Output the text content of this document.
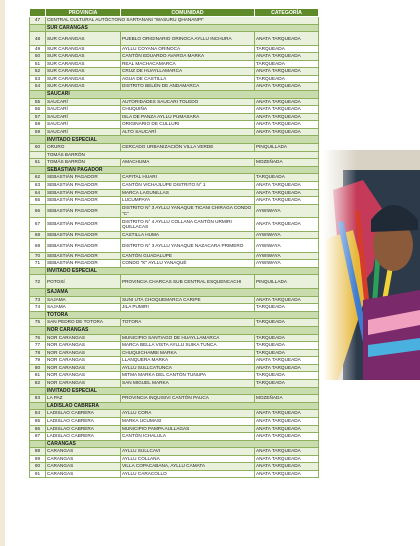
	PROVINCIA	COMUNIDAD	CATEGORÍA
47	CENTRAL CULTURAL AUTÓCTONO SARTANANI "WASURU QHANANPI"		
	SUR CARANGAS		
48	SUR CARANGAS	PUEBLO ORIGINARIO ORINOCA AYLLU INCHURA	ANATA TARQUEADA
49	SUR CARANGAS	AYLLU COYANA ORINOCA	TARQUEADA
50	SUR CARANGAS	CANTÓN EDUARDO AVAROA MARKA	ANATA TARQUEADA
51	SUR CARANGAS	REAL MACHACAMARCA	TARQUEADA
52	SUR CARANGAS	CRUZ DE HUAYLLAMARCA	ANATA TARQUEADA
53	SUR CARANGAS	AGUA DE CASTILLA	TARQUEADA
54	SUR CARANGAS	DISTRITO BELÉN DE ANDAMARCA	ANATA TARQUEADA
	SAUCARÍ		
55	SAUCARÍ	AUTORIDADES SAUCARI TOLEDO	ANATA TARQUEADA
56	SAUCARÍ	CHUQUIÑA	ANATA TARQUEADA
57	SAUCARÍ	ISLA DE PANZA AYLLU PUMASARA	ANATA TARQUEADA
58	SAUCARÍ	ORIGINARIO DE CULLURI	ANATA TARQUEADA
59	SAUCARÍ	ALTO SAUCARÍ	ANATA TARQUEADA
	INVITADO ESPECIAL		
60	ORURO	CERCADO URBANIZACIÓN VILLA VERDE	PINQUILLADA
	TOMÁS BARRÓN		
61	TOMÁS BARRÓN	AMACHUMA	MOZEÑADA
	SEBASTIÁN PAGADOR		
62	SEBASTIÁN PAGADOR	CAPITAL HUARI	TARQUEADA
63	SEBASTIÁN PAGADOR	CANTÓN VICHAJLUPE DISTRITO N° 1	ANATA TARQUEADA
64	SEBASTIÁN PAGADOR	MARCA LAGUNILLAS	ANATA TARQUEADA
65	SEBASTIÁN PAGADOR	LUCUMPAYA	ANATA TARQUEADA
66	SEBASTIÁN PAGADOR	DISTRITO N° 3 AYLLU YANAQUE TICANI CHIRAGA CONDO "C"	AYWIWAYA
67	SEBASTIÁN PAGADOR	DISTRITO N° 4 AYLLU COLLANA CANTÓN URMIRI QUILLACAS	ANATA TARQUEADA
68	SEBASTIÁN PAGADOR	CASTILLA HUMA	AYWIWAYA
69	SEBASTIÁN PAGADOR	DISTRITO N° 3 AYLLU YANAQUE NAZACARA PRIMERO	AYWIWAYA
70	SEBASTIÁN PAGADOR	CANTÓN GUADALUPE	AYWIWAYA
71	SEBASTIÁN PAGADOR	CONDO "K" AYLLU YANAQUÉ	AYWIWAYA
	INVITADO ESPECIAL		
72	POTOSÍ	PROVINCIA CHARCAS SUB CENTRAL ESQUENCACHI	PINQUILLADA
	SAJAMA		
73	SAJAMA	SUNI UTA CHOQUEMARCA CARIPE	ANATA TARQUEADA
74	SAJAMA	JILA PUMIRI	TARQUEADA
	TOTORA		
75	SAN PEDRO DE TOTORA	TOTORA	TARQUEADA
	NOR CARANGAS		
76	NOR CARANGAS	MUNICIPIO SANTIAGO DE HUAYLLAMARCA	TARQUEADA
77	NOR CARANGAS	MARCA BELLA VISTA AYLLU SUIKA TUNCA	TARQUEADA
78	NOR CARANGAS	CHUQUICHAMBI MARKA	TARQUEADA
79	NOR CARANGAS	LLANQUERA MARKA	ANATA TARQUEADA
80	NOR CARANGAS	AYLLU SULLCATUNCA	ANATA TARQUEADA
81	NOR CARANGAS	MITMA MARKA DEL CANTÓN TUNUPA	TARQUEADA
82	NOR CARANGAS	SAN MIGUEL MARKA	TARQUEADA
	INVITADO ESPECIAL		
83	LA PAZ	PROVINCIA INQUISIVI CANTÓN PAUCA	MOZEÑADA
	LADISLAO CABRERA		
84	LADISLAO CABRERA	AYLLU CORA	ANATA TARQUEADA
85	LADISLAO CABRERA	MARKA UCUMASI	ANATA TARQUEADA
86	LADISLAO CABRERA	MUNICIPIO PAMPA AULLAGAS	ANATA TARQUEADA
87	LADISLAO CABRERA	CANTÓN ICHALULA	ANATA TARQUEADA
	CARANGAS		
88	CARANGAS	AYLLU SULLCAVI	ANATA TARQUEADA
89	CARANGAS	AYLLU COLLANA	ANATA TARQUEADA
90	CARANGAS	VILLA COPACABANA, AYLLU CAMATA	ANATA TARQUEADA
91	CARANGAS	AYLLU CARACOLLO	ANATA TARQUEADA
